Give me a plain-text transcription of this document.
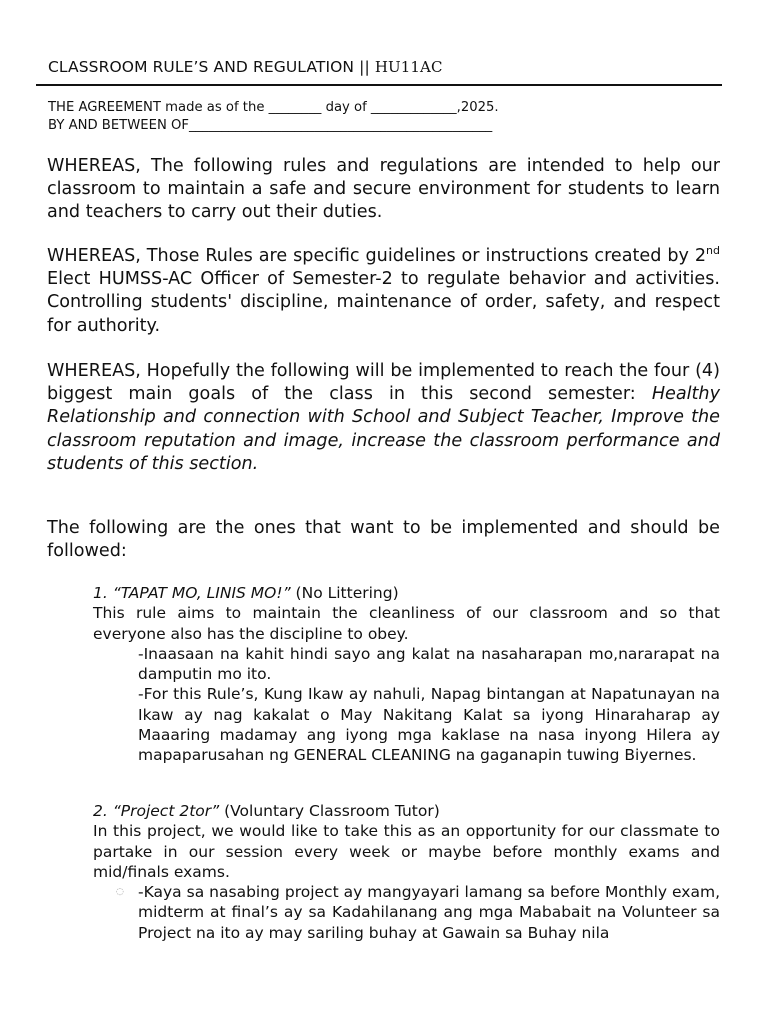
CLASSROOM RULE’S AND REGULATION || HU11AC
THE AGREEMENT made as of the ________ day of _____________,2025.
BY AND BETWEEN OF______________________________________________
WHEREAS, The following rules and regulations are intended to help our classroom to maintain a safe and secure environment for students to learn and teachers to carry out their duties.
WHEREAS, Those Rules are specific guidelines or instructions created by 2nd Elect HUMSS-AC Officer of Semester-2 to regulate behavior and activities. Controlling students' discipline, maintenance of order, safety, and respect for authority.
WHEREAS, Hopefully the following will be implemented to reach the four (4) biggest main goals of the class in this second semester: Healthy Relationship and connection with School and Subject Teacher, Improve the classroom reputation and image, increase the classroom performance and students of this section.
The following are the ones that want to be implemented and should be followed:
1. “TAPAT MO, LINIS MO!” (No Littering)
This rule aims to maintain the cleanliness of our classroom and so that everyone also has the discipline to obey.
-Inaasaan na kahit hindi sayo ang kalat na nasaharapan mo,nararapat na damputin mo ito.
-For this Rule’s, Kung Ikaw ay nahuli, Napag bintangan at Napatunayan na Ikaw ay nag kakalat o May Nakitang Kalat sa iyong Hinaraharap ay Maaaring madamay ang iyong mga kaklase na nasa inyong Hilera ay mapaparusahan ng GENERAL CLEANING na gaganapin tuwing Biyernes.
2. “Project 2tor” (Voluntary Classroom Tutor)
In this project, we would like to take this as an opportunity for our classmate to partake in our session every week or maybe before monthly exams and mid/finals exams.
◌ -Kaya sa nasabing project ay mangyayari lamang sa before Monthly exam, midterm at final’s ay sa Kadahilanang ang mga Mababait na Volunteer sa Project na ito ay may sariling buhay at Gawain sa Buhay nila
